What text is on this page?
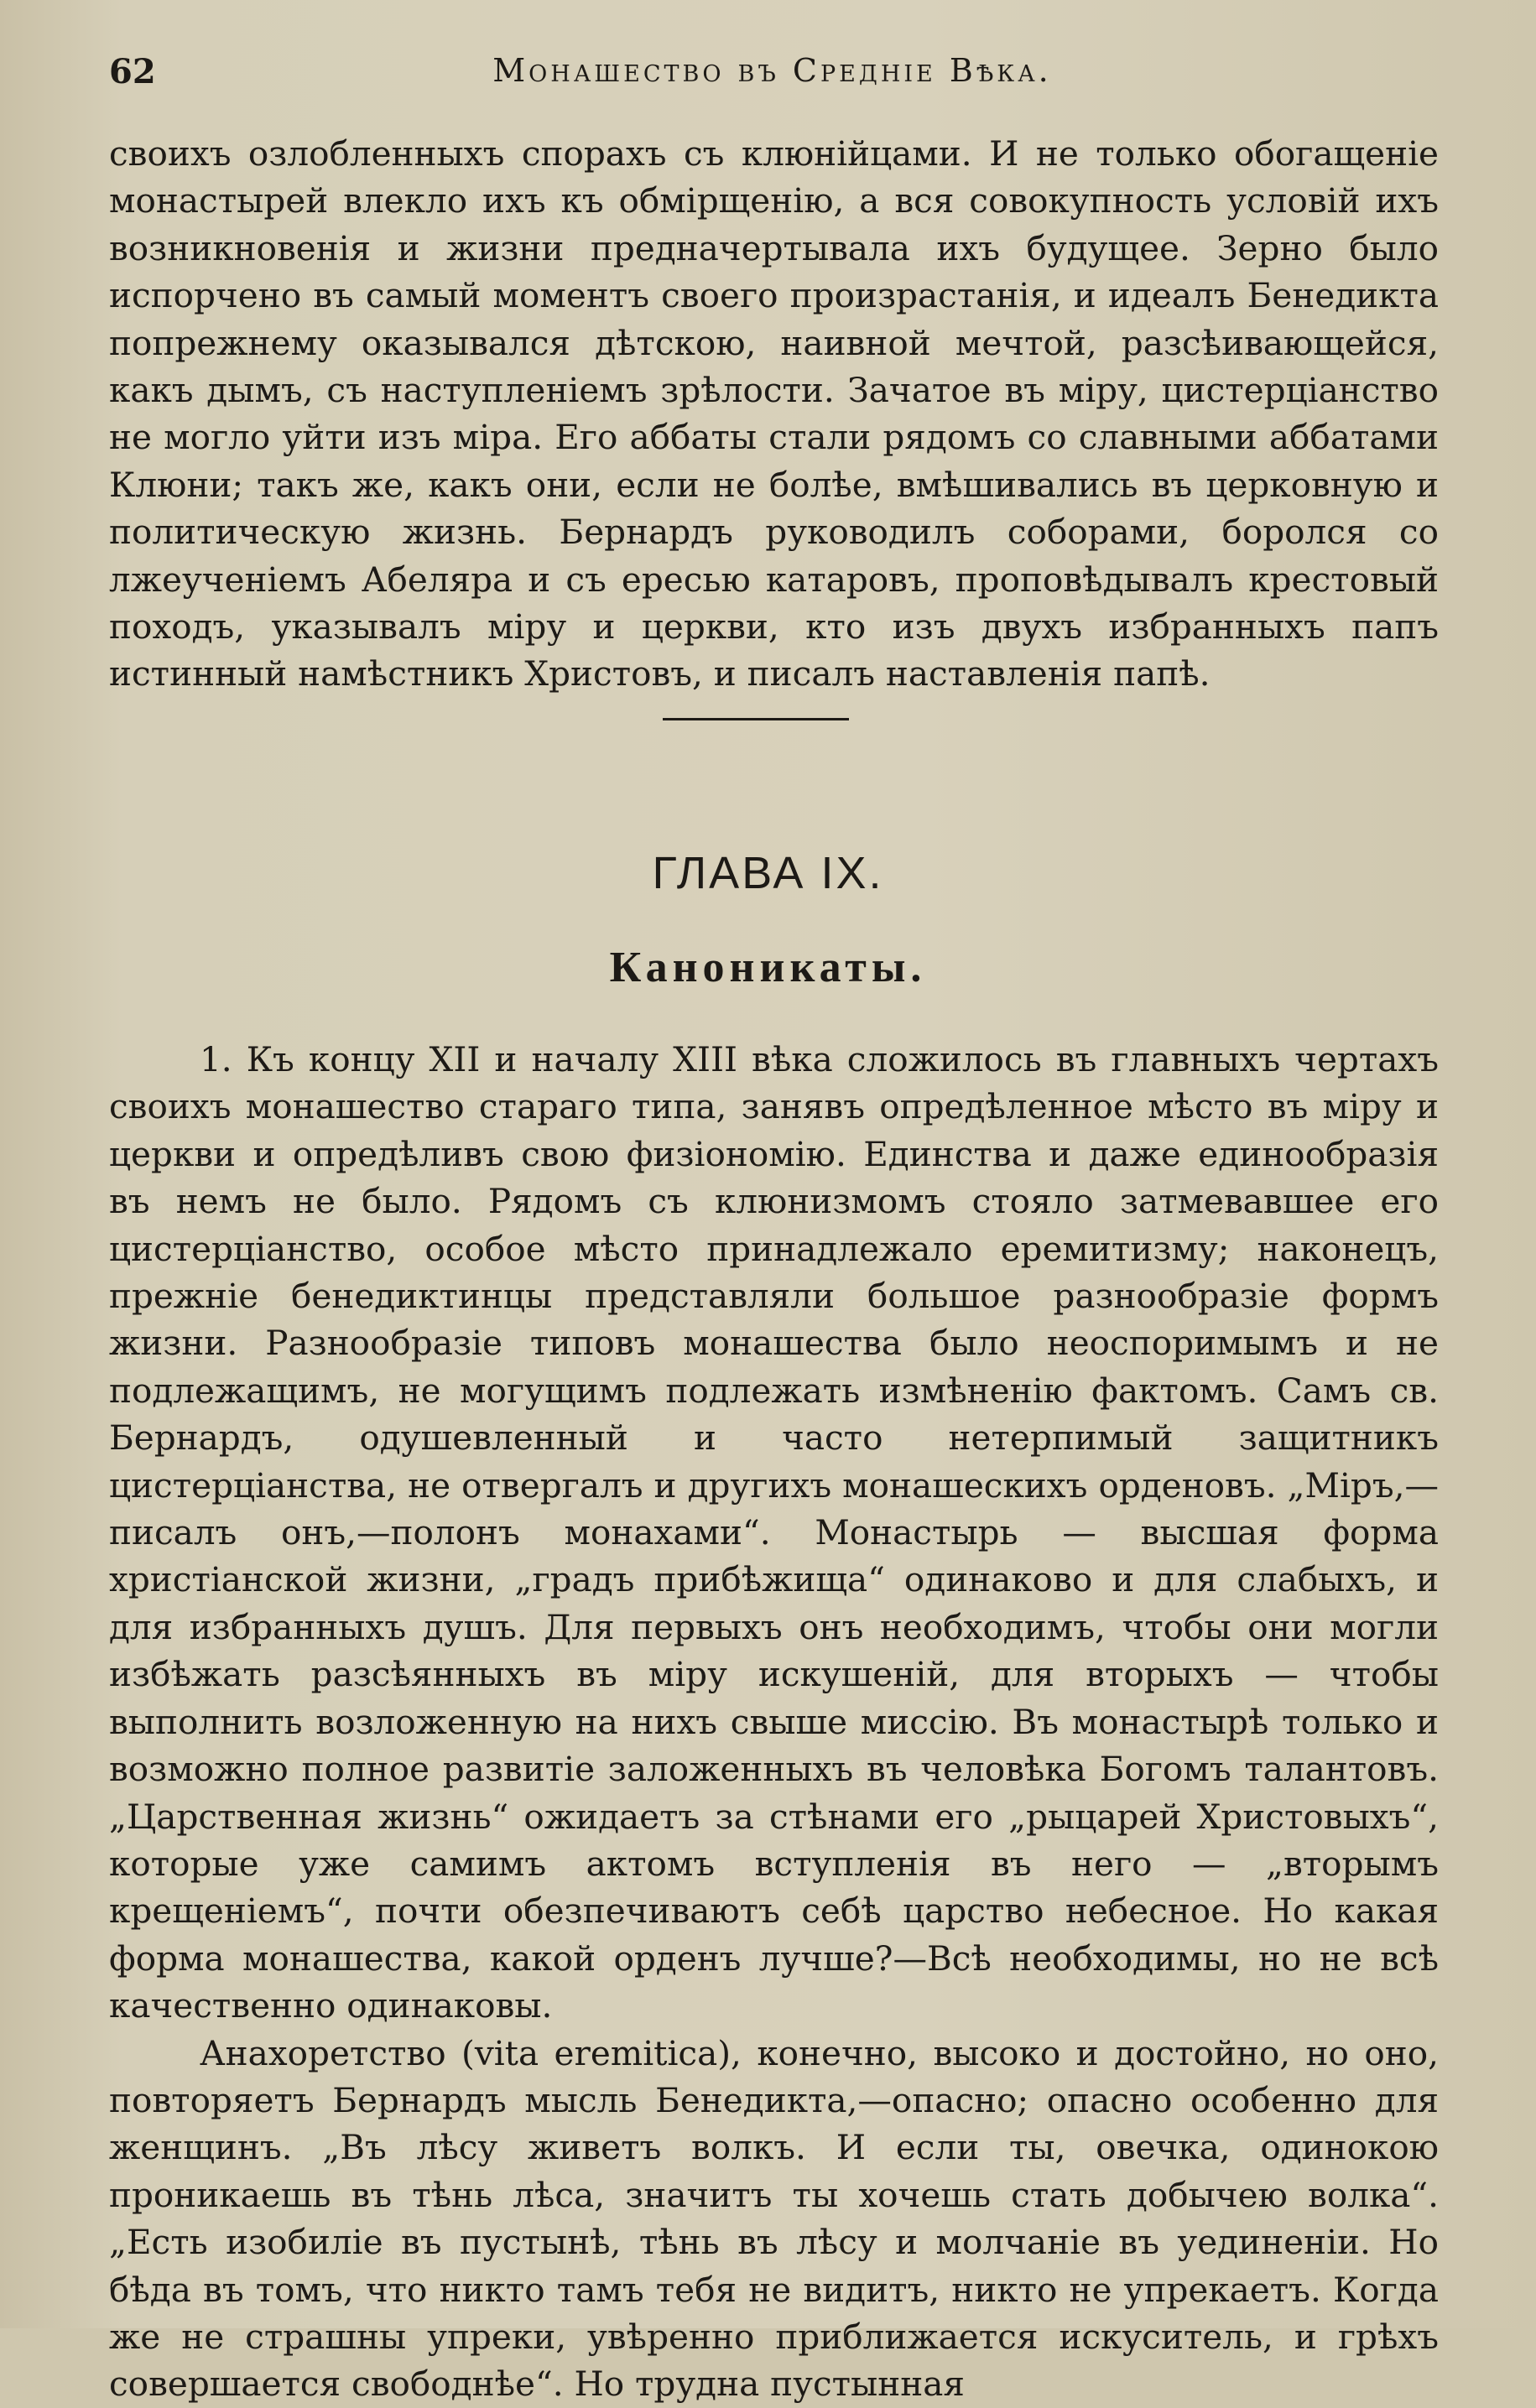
62	Монашество въ Средніе Вѣка.

своихъ озлобленныхъ спорахъ съ клюнійцами. И не только обогащеніе монастырей влекло ихъ къ обмірщенію, а вся совокупность условій ихъ возникновенія и жизни предначертывала ихъ будущее. Зерно было испорчено въ самый моментъ своего произрастанія, и идеалъ Бенедикта попрежнему оказывался дѣтскою, наивной мечтой, разсѣивающейся, какъ дымъ, съ наступленіемъ зрѣлости. Зачатое въ міру, цистерціанство не могло уйти изъ міра. Его аббаты стали рядомъ со славными аббатами Клюни; такъ же, какъ они, если не болѣе, вмѣшивались въ церковную и политическую жизнь. Бернардъ руководилъ соборами, боролся со лжеученіемъ Абеляра и съ ересью катаровъ, проповѣдывалъ крестовый походъ, указывалъ міру и церкви, кто изъ двухъ избранныхъ папъ истинный намѣстникъ Христовъ, и писалъ наставленія папѣ.

ГЛАВА IX.
Каноникаты.

1. Къ концу XII и началу XIII вѣка сложилось въ главныхъ чертахъ своихъ монашество стараго типа, занявъ опредѣленное мѣсто въ міру и церкви и опредѣливъ свою физіономію. Единства и даже единообразія въ немъ не было. Рядомъ съ клюнизмомъ стояло затмевавшее его цистерціанство, особое мѣсто принадлежало еремитизму; наконецъ, прежніе бенедиктинцы представляли большое разнообразіе формъ жизни. Разнообразіе типовъ монашества было неоспоримымъ и не подлежащимъ, не могущимъ подлежать измѣненію фактомъ. Самъ св. Бернардъ, одушевленный и часто нетерпимый защитникъ цистерціанства, не отвергалъ и другихъ монашескихъ орденовъ. „Міръ,—писалъ онъ,—полонъ монахами“. Монастырь — высшая форма христіанской жизни, „градъ прибѣжища“ одинаково и для слабыхъ, и для избранныхъ душъ. Для первыхъ онъ необходимъ, чтобы они могли избѣжать разсѣянныхъ въ міру искушеній, для вторыхъ — чтобы выполнить возложенную на нихъ свыше миссію. Въ монастырѣ только и возможно полное развитіе заложенныхъ въ человѣка Богомъ талантовъ. „Царственная жизнь“ ожидаетъ за стѣнами его „рыцарей Христовыхъ“, которые уже самимъ актомъ вступленія въ него — „вторымъ крещеніемъ“, почти обезпечиваютъ себѣ царство небесное. Но какая форма монашества, какой орденъ лучше?—Всѣ необходимы, но не всѣ качественно одинаковы.

Анахоретство (vita eremitica), конечно, высоко и достойно, но оно, повторяетъ Бернардъ мысль Бенедикта,—опасно; опасно особенно для женщинъ. „Въ лѣсу живетъ волкъ. И если ты, овечка, одинокою проникаешь въ тѣнь лѣса, значитъ ты хочешь стать добычею волка“. „Есть изобиліе въ пустынѣ, тѣнь въ лѣсу и молчаніе въ уединеніи. Но бѣда въ томъ, что никто тамъ тебя не видитъ, никто не упрекаетъ. Когда же не страшны упреки, увѣренно приближается искуситель, и грѣхъ совершается свободнѣе“. Но трудна пустынная
